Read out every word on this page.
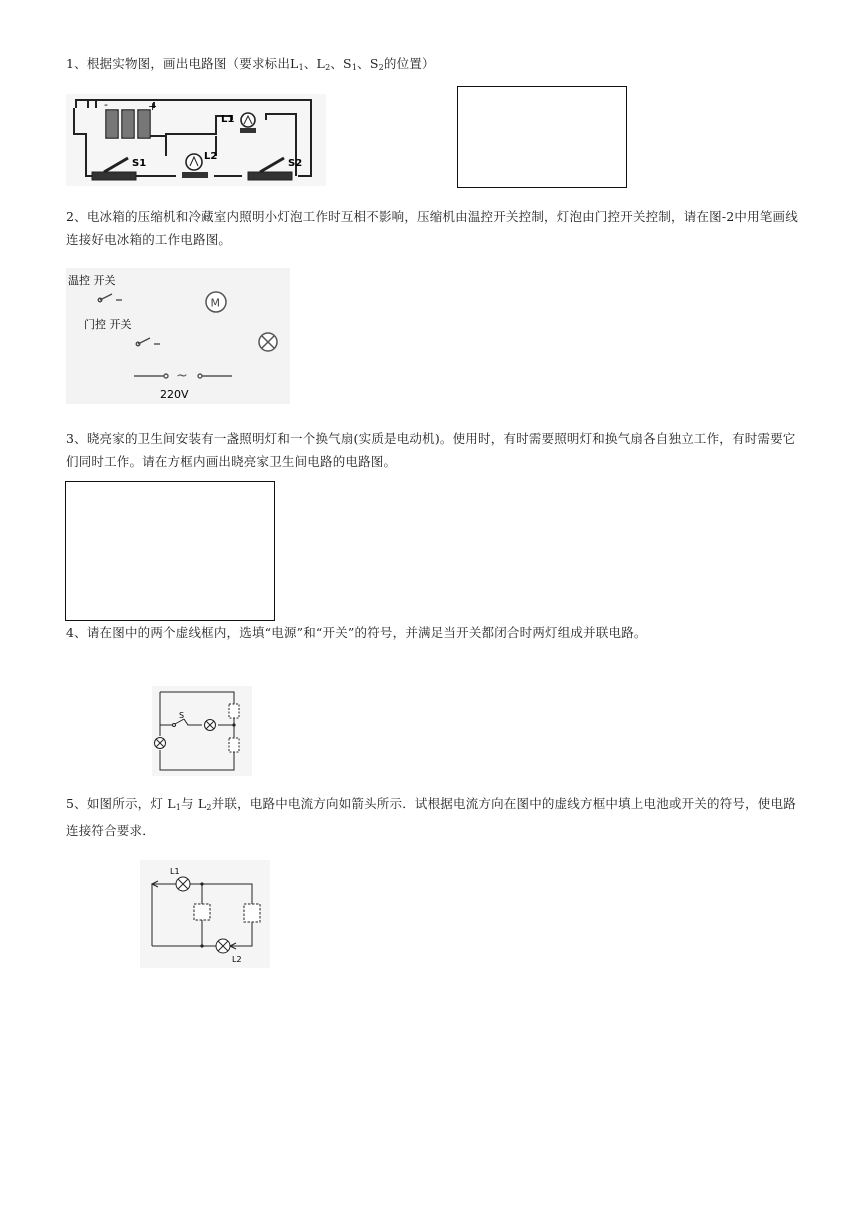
1、根据实物图，画出电路图（要求标出$L_1$、$L_2$、$S_1$、$S_2$的位置）
-	+
L1
L2
S1	S2
2、电冰箱的压缩机和冷藏室内照明小灯泡工作时互相不影响，压缩机由温控开关控制，灯泡由门控开关控制，请在图-2中用笔画线连接好电冰箱的工作电路图。
温控 开关
M
门控 开关
~
220V
3、晓亮家的卫生间安装有一盏照明灯和一个换气扇(实质是电动机)。使用时，有时需要照明灯和换气扇各自独立工作，有时需要它们同时工作。请在方框内画出晓亮家卫生间电路的电路图。
4、请在图中的两个虚线框内，选填“电源”和“开关”的符号，并满足当开关都闭合时两灯组成并联电路。
S
5、如图所示，灯 $L_1$与 $L_2$并联，电路中电流方向如箭头所示．试根据电流方向在图中的虚线方框中填上电池或开关的符号，使电路连接符合要求．
L1
L2
